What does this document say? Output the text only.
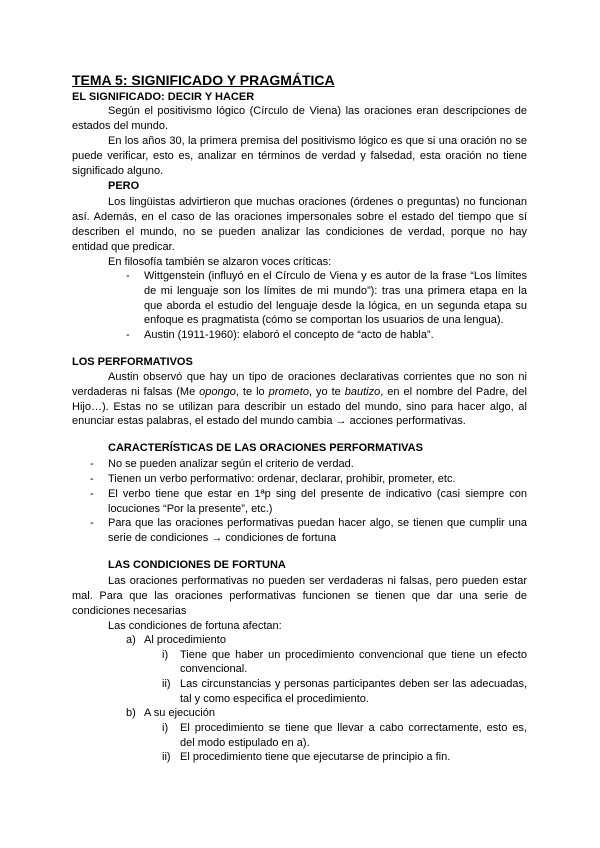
TEMA 5: SIGNIFICADO Y PRAGMÁTICA
EL SIGNIFICADO: DECIR Y HACER
Según el positivismo lógico (Círculo de Viena) las oraciones eran descripciones de
estados del mundo.
En los años 30, la primera premisa del positivismo lógico es que si una oración no se
puede verificar, esto es, analizar en términos de verdad y falsedad, esta oración no tiene
significado alguno.
PERO
Los lingüistas advirtieron que muchas oraciones (órdenes o preguntas) no funcionan
así. Además, en el caso de las oraciones impersonales sobre el estado del tiempo que sí
describen el mundo, no se pueden analizar las condiciones de verdad, porque no hay
entidad que predicar.
En filosofía también se alzaron voces críticas:
- Wittgenstein (influyó en el Círculo de Viena y es autor de la frase “Los límites
de mi lenguaje son los límites de mi mundo”): tras una primera etapa en la
que aborda el estudio del lenguaje desde la lógica, en un segunda etapa su
enfoque es pragmatista (cómo se comportan los usuarios de una lengua).
- Austin (1911-1960): elaboró el concepto de “acto de habla”.
LOS PERFORMATIVOS
Austin observó que hay un tipo de oraciones declarativas corrientes que no son ni
verdaderas ni falsas (Me opongo, te lo prometo, yo te bautizo, en el nombre del Padre, del
Hijo…). Estas no se utilizan para describir un estado del mundo, sino para hacer algo, al
enunciar estas palabras, el estado del mundo cambia → acciones performativas.
CARACTERÍSTICAS DE LAS ORACIONES PERFORMATIVAS
- No se pueden analizar según el criterio de verdad.
- Tienen un verbo performativo: ordenar, declarar, prohibir, prometer, etc.
- El verbo tiene que estar en 1ªp sing del presente de indicativo (casi siempre con
locuciones “Por la presente”, etc.)
- Para que las oraciones performativas puedan hacer algo, se tienen que cumplir una
serie de condiciones → condiciones de fortuna
LAS CONDICIONES DE FORTUNA
Las oraciones performativas no pueden ser verdaderas ni falsas, pero pueden estar
mal. Para que las oraciones performativas funcionen se tienen que dar una serie de
condiciones necesarias
Las condiciones de fortuna afectan:
a) Al procedimiento
i) Tiene que haber un procedimiento convencional que tiene un efecto
convencional.
ii) Las circunstancias y personas participantes deben ser las adecuadas,
tal y como especifica el procedimiento.
b) A su ejecución
i) El procedimiento se tiene que llevar a cabo correctamente, esto es,
del modo estipulado en a).
ii) El procedimiento tiene que ejecutarse de principio a fin.
